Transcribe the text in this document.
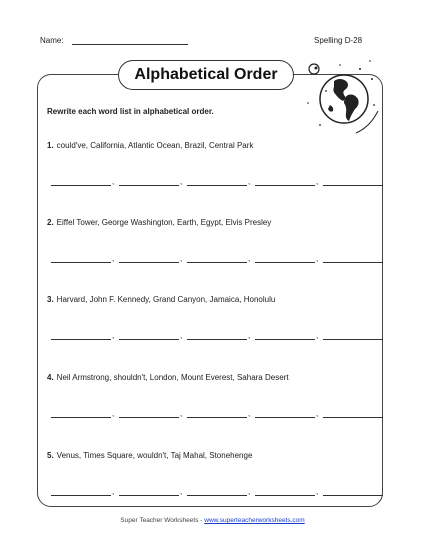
Name:	Spelling D-28
Alphabetical Order
Rewrite each word list in alphabetical order.
1. could've, California, Atlantic Ocean, Brazil, Central Park
,	,	,	,
2. Eiffel Tower, George Washington, Earth, Egypt, Elvis Presley
,	,	,	,
3. Harvard, John F. Kennedy, Grand Canyon, Jamaica, Honolulu
,	,	,	,
4. Neil Armstrong, shouldn't, London, Mount Everest, Sahara Desert
,	,	,	,
5. Venus, Times Square, wouldn't, Taj Mahal, Stonehenge
,	,	,	,
Super Teacher Worksheets - www.superteacherworksheets.com
